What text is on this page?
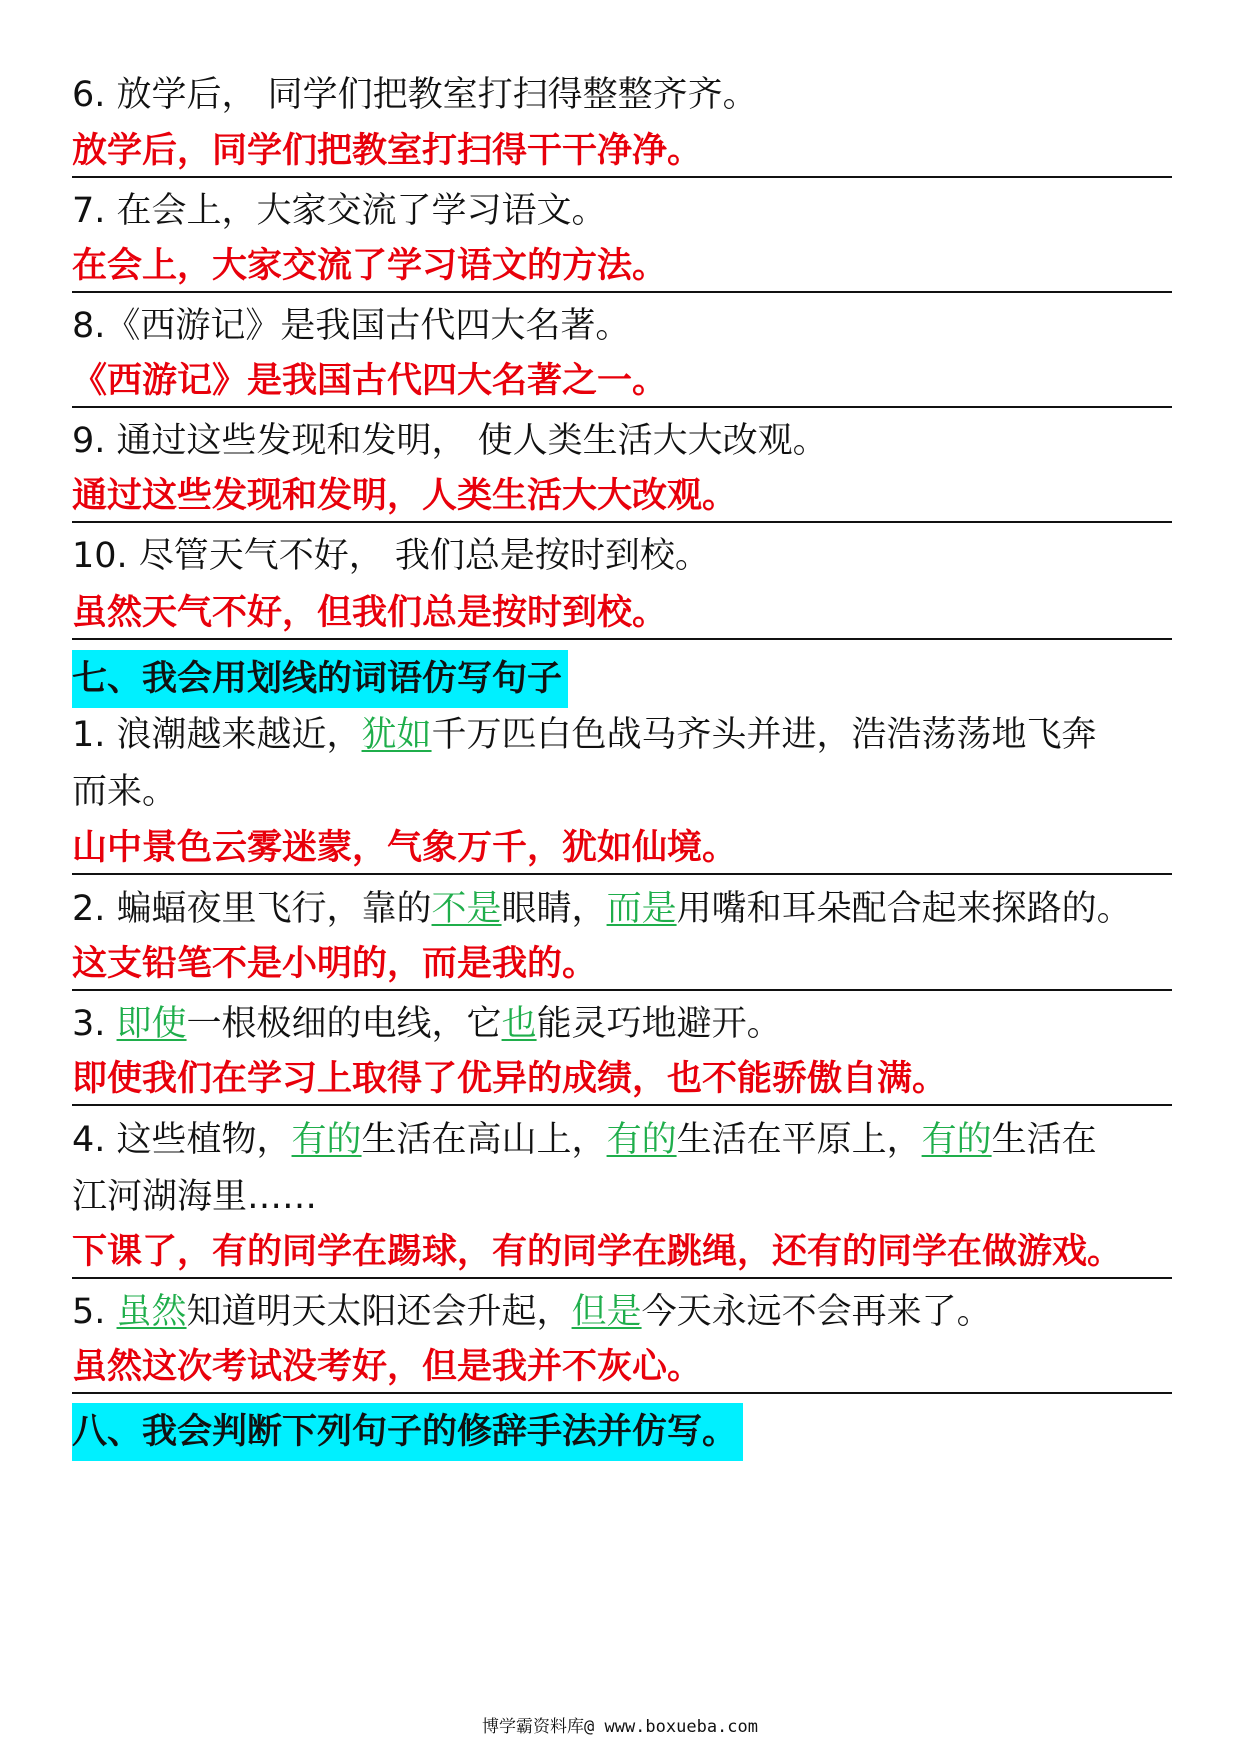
6. 放学后， 同学们把教室打扫得整整齐齐。
放学后，同学们把教室打扫得干干净净。
7. 在会上，大家交流了学习语文。
在会上，大家交流了学习语文的方法。
8.《西游记》是我国古代四大名著。
《西游记》是我国古代四大名著之一。
9. 通过这些发现和发明， 使人类生活大大改观。
通过这些发现和发明，人类生活大大改观。
10. 尽管天气不好， 我们总是按时到校。
虽然天气不好，但我们总是按时到校。
七、我会用划线的词语仿写句子
1. 浪潮越来越近，犹如千万匹白色战马齐头并进，浩浩荡荡地飞奔
而来。
山中景色云雾迷蒙，气象万千，犹如仙境。
2. 蝙蝠夜里飞行，靠的不是眼睛，而是用嘴和耳朵配合起来探路的。
这支铅笔不是小明的，而是我的。
3. 即使一根极细的电线，它也能灵巧地避开。
即使我们在学习上取得了优异的成绩，也不能骄傲自满。
4. 这些植物，有的生活在高山上，有的生活在平原上，有的生活在
江河湖海里……
下课了，有的同学在踢球，有的同学在跳绳，还有的同学在做游戏。
5. 虽然知道明天太阳还会升起，但是今天永远不会再来了。
虽然这次考试没考好，但是我并不灰心。
八、我会判断下列句子的修辞手法并仿写。
博学霸资料库@ www.boxueba.com
